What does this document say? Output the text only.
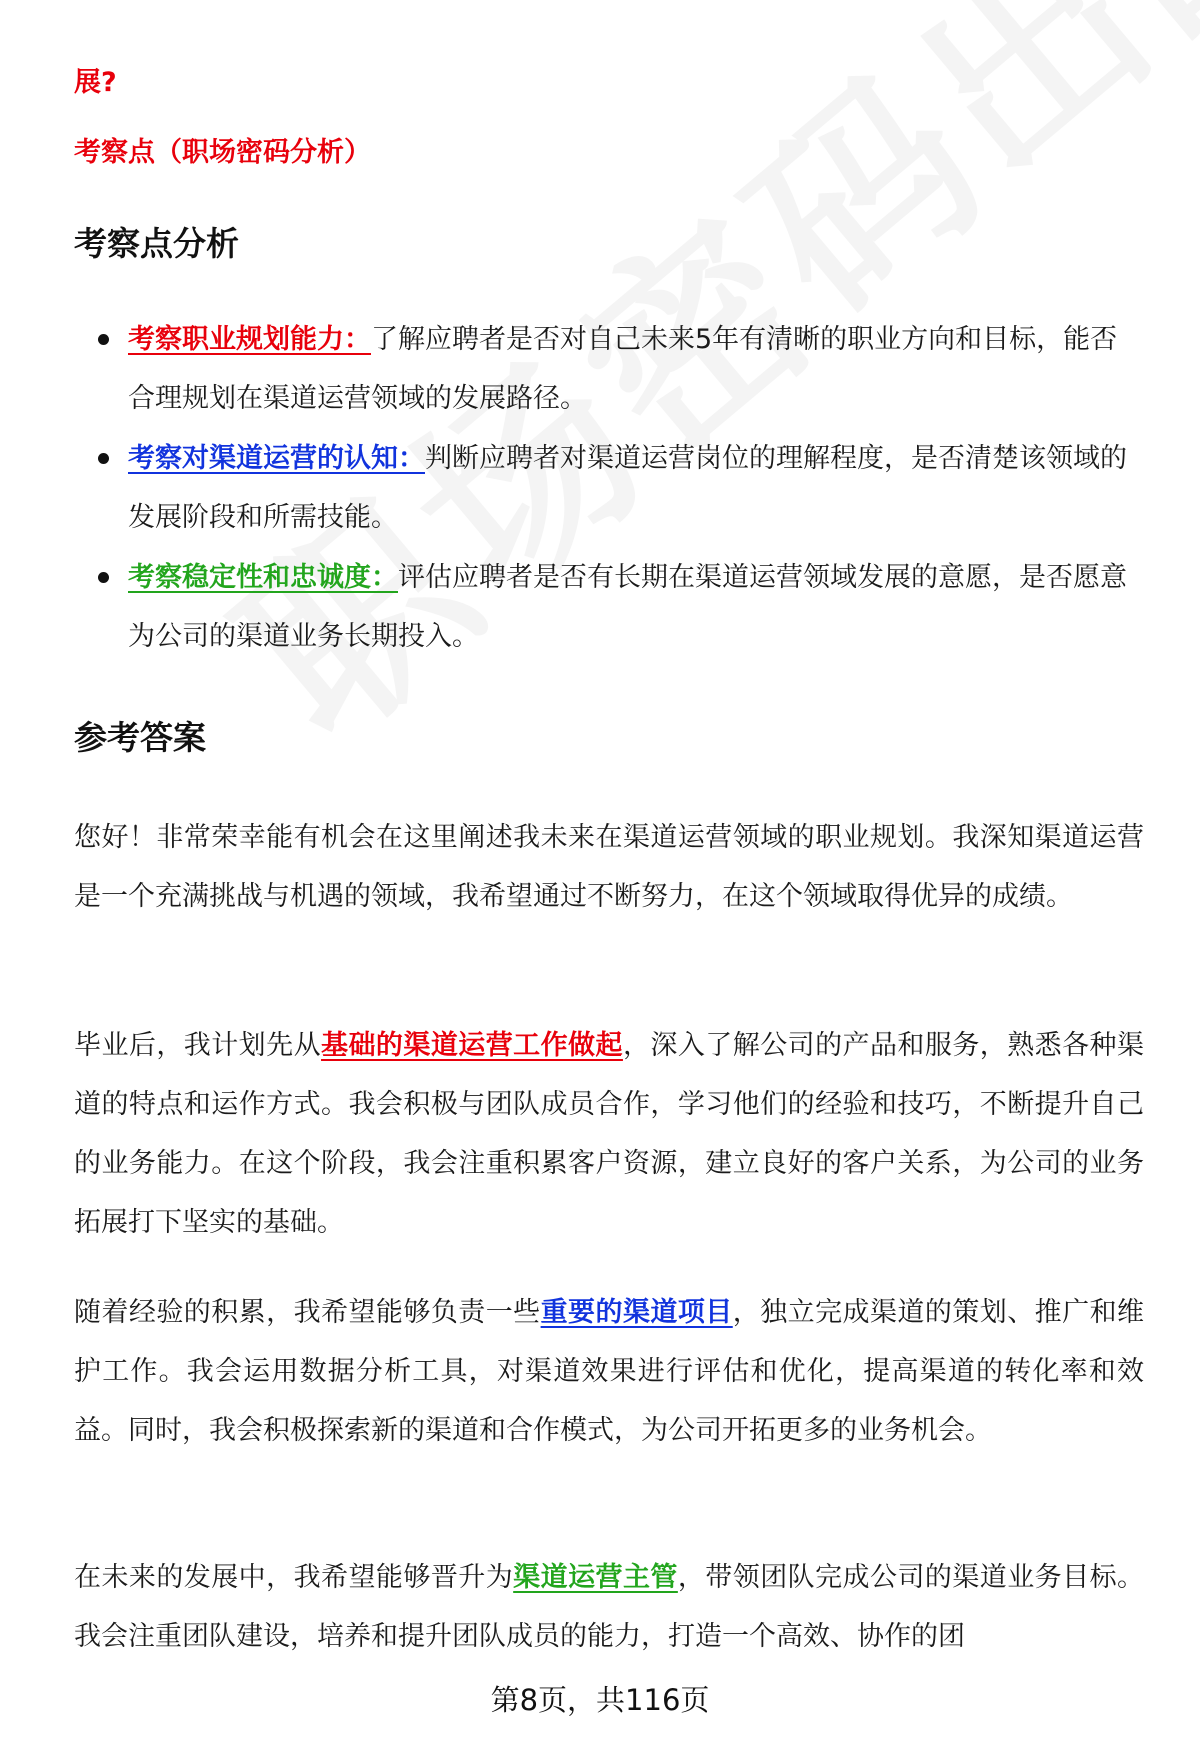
展?

考察点（职场密码分析）

考察点分析
考察职业规划能力：了解应聘者是否对自己未来5年有清晰的职业方向和目标，能否合理规划在渠道运营领域的发展路径。
考察对渠道运营的认知：判断应聘者对渠道运营岗位的理解程度，是否清楚该领域的发展阶段和所需技能。
考察稳定性和忠诚度：评估应聘者是否有长期在渠道运营领域发展的意愿，是否愿意为公司的渠道业务长期投入。
参考答案

您好！非常荣幸能有机会在这里阐述我未来在渠道运营领域的职业规划。我深知渠道运营是一个充满挑战与机遇的领域，我希望通过不断努力，在这个领域取得优异的成绩。

毕业后，我计划先从基础的渠道运营工作做起，深入了解公司的产品和服务，熟悉各种渠道的特点和运作方式。我会积极与团队成员合作，学习他们的经验和技巧，不断提升自己的业务能力。在这个阶段，我会注重积累客户资源，建立良好的客户关系，为公司的业务拓展打下坚实的基础。

随着经验的积累，我希望能够负责一些重要的渠道项目，独立完成渠道的策划、推广和维护工作。我会运用数据分析工具，对渠道效果进行评估和优化，提高渠道的转化率和效益。同时，我会积极探索新的渠道和合作模式，为公司开拓更多的业务机会。

在未来的发展中，我希望能够晋升为渠道运营主管，带领团队完成公司的渠道业务目标。我会注重团队建设，培养和提升团队成员的能力，打造一个高效、协作的团

第8页，共116页
